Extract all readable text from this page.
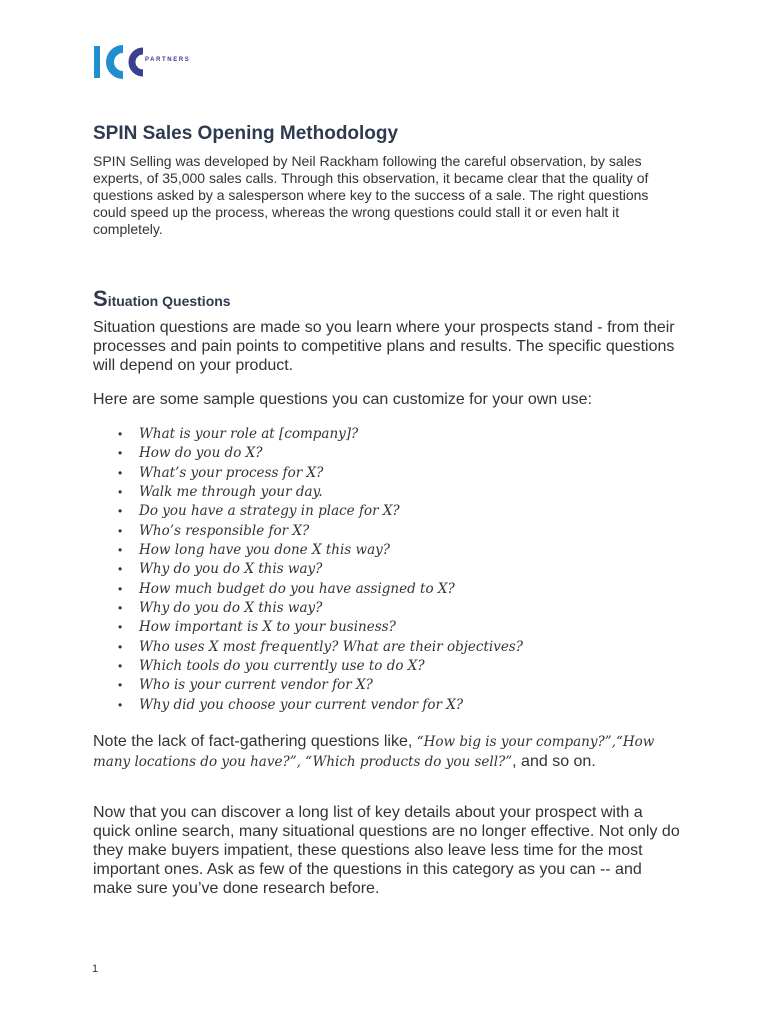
PARTNERS
SPIN Sales Opening Methodology

SPIN Selling was developed by Neil Rackham following the careful observation, by sales experts, of 35,000 sales calls. Through this observation, it became clear that the quality of questions asked by a salesperson where key to the success of a sale. The right questions could speed up the process, whereas the wrong questions could stall it or even halt it completely.

Situation Questions

Situation questions are made so you learn where your prospects stand - from their processes and pain points to competitive plans and results. The specific questions will depend on your product.

Here are some sample questions you can customize for your own use:

• What is your role at [company]?
• How do you do X?
• What’s your process for X?
• Walk me through your day.
• Do you have a strategy in place for X?
• Who’s responsible for X?
• How long have you done X this way?
• Why do you do X this way?
• How much budget do you have assigned to X?
• Why do you do X this way?
• How important is X to your business?
• Who uses X most frequently? What are their objectives?
• Which tools do you currently use to do X?
• Who is your current vendor for X?
• Why did you choose your current vendor for X?

Note the lack of fact-gathering questions like, “How big is your company?”,“How many locations do you have?”, “Which products do you sell?”, and so on.

Now that you can discover a long list of key details about your prospect with a quick online search, many situational questions are no longer effective. Not only do they make buyers impatient, these questions also leave less time for the most important ones. Ask as few of the questions in this category as you can -- and make sure you’ve done research before.

1
